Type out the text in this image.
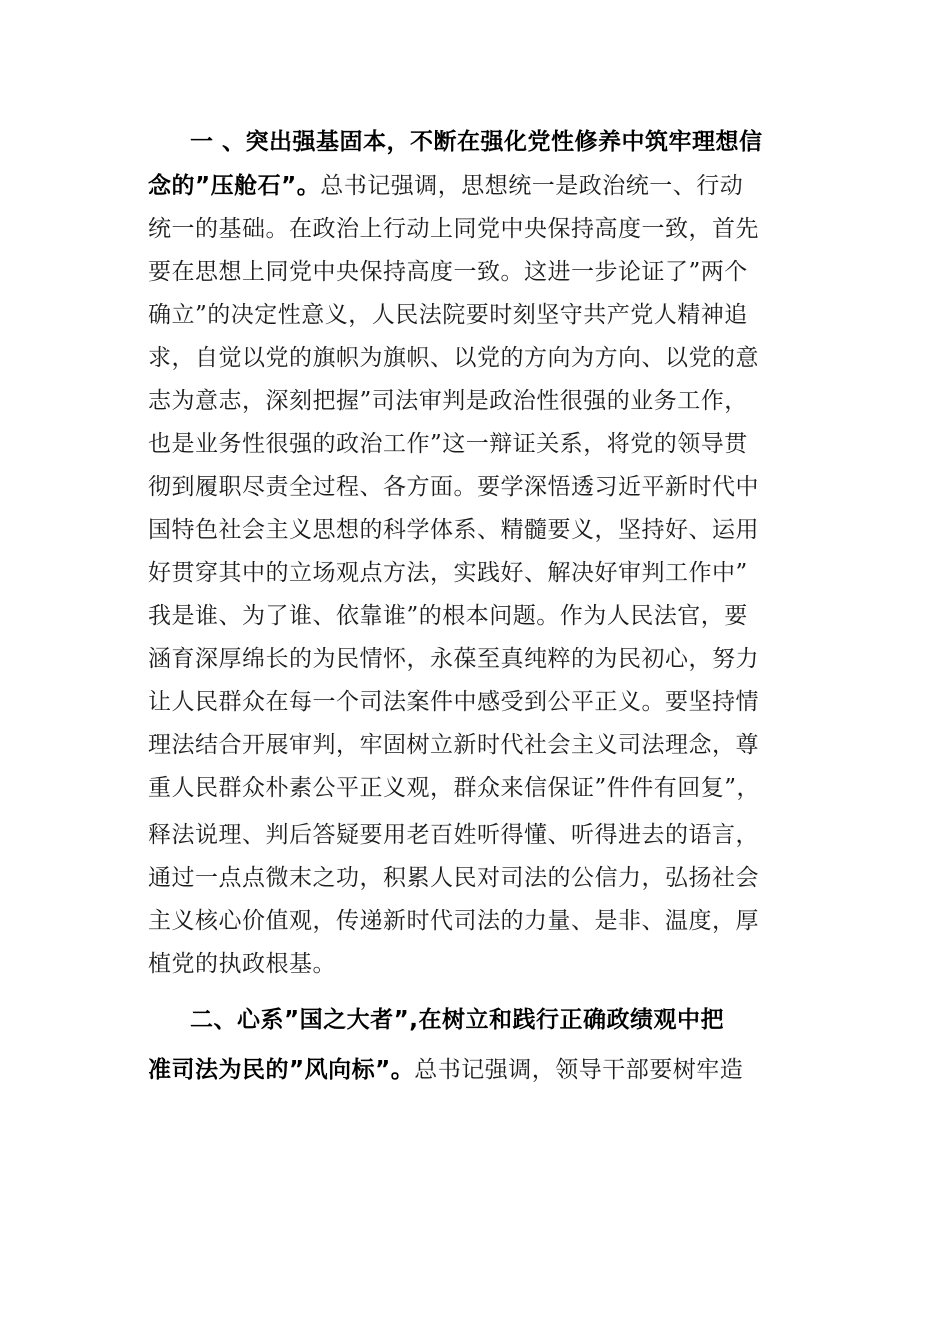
一 、突出强基固本，不断在强化党性修养中筑牢理想信
念的”压舱石”。总书记强调，思想统一是政治统一、行动
统一的基础。在政治上行动上同党中央保持高度一致，首先
要在思想上同党中央保持高度一致。这进一步论证了”两个
确立”的决定性意义，人民法院要时刻坚守共产党人精神追
求，自觉以党的旗帜为旗帜、以党的方向为方向、以党的意
志为意志，深刻把握”司法审判是政治性很强的业务工作，
也是业务性很强的政治工作”这一辩证关系，将党的领导贯
彻到履职尽责全过程、各方面。要学深悟透习近平新时代中
国特色社会主义思想的科学体系、精髓要义，坚持好、运用
好贯穿其中的立场观点方法，实践好、解决好审判工作中”
我是谁、为了谁、依靠谁”的根本问题。作为人民法官，要
涵育深厚绵长的为民情怀，永葆至真纯粹的为民初心，努力
让人民群众在每一个司法案件中感受到公平正义。要坚持情
理法结合开展审判，牢固树立新时代社会主义司法理念，尊
重人民群众朴素公平正义观，群众来信保证”件件有回复”，
释法说理、判后答疑要用老百姓听得懂、听得进去的语言，
通过一点点微末之功，积累人民对司法的公信力，弘扬社会
主义核心价值观，传递新时代司法的力量、是非、温度，厚
植党的执政根基。
二、心系”国之大者”,在树立和践行正确政绩观中把
准司法为民的”风向标”。总书记强调，领导干部要树牢造
